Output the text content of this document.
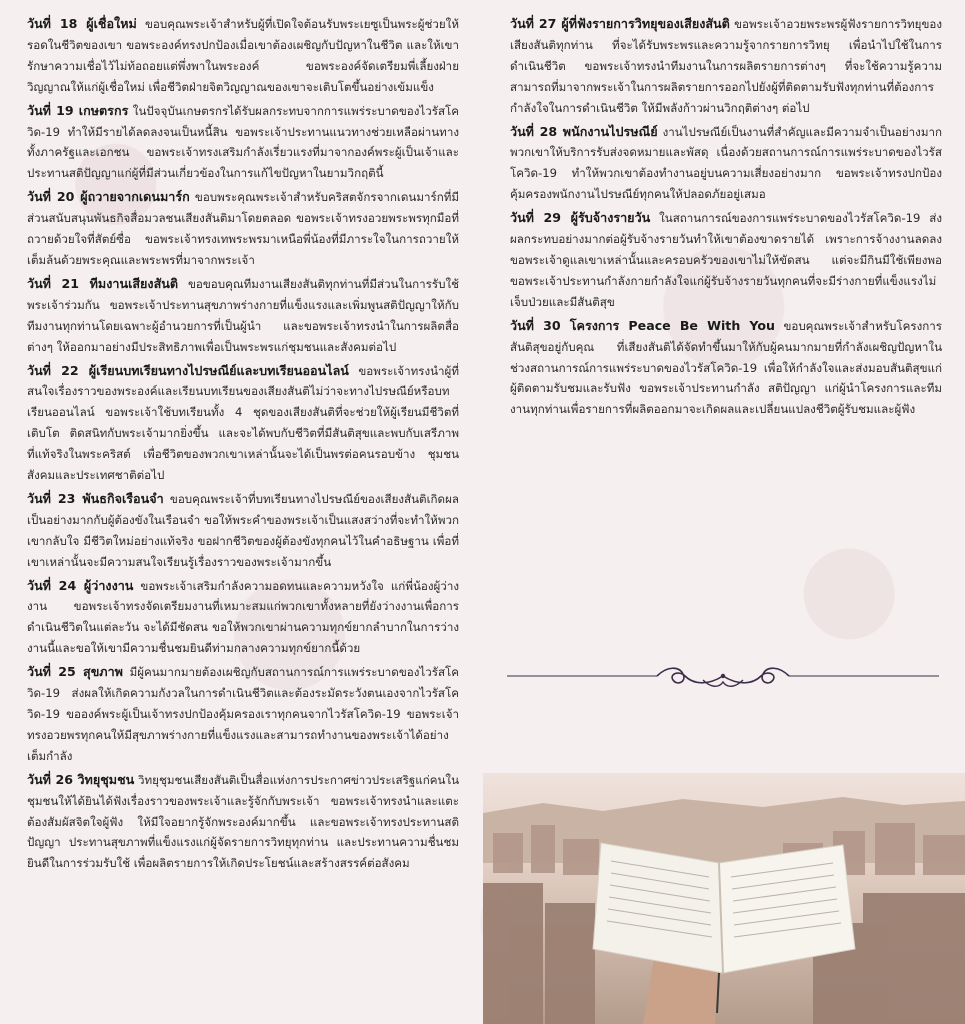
วันที่ 18 ผู้เชื่อใหม่ ขอบคุณพระเจ้าสำหรับผู้ที่เปิดใจต้อนรับพระเยซูเป็นพระผู้ช่วยให้รอดในชีวิตของเขา ขอพระองค์ทรงปกป้องเมื่อเขาต้องเผชิญกับปัญหาในชีวิต และให้เขารักษาความเชื่อไว้ไม่ท้อถอยแต่พึ่งพาในพระองค์ ขอพระองค์จัดเตรียมพี่เลี้ยงฝ่ายวิญญาณให้แก่ผู้เชื่อใหม่ เพื่อชีวิตฝ่ายจิตวิญญาณของเขาจะเติบโตขึ้นอย่างเข้มแข็ง

วันที่ 19 เกษตรกร ในปัจจุบันเกษตรกรได้รับผลกระทบจากการแพร่ระบาดของไวรัสโควิด-19 ทำให้มีรายได้ลดลงจนเป็นหนี้สิน ขอพระเจ้าประทานแนวทางช่วยเหลือผ่านทางทั้งภาครัฐและเอกชน ขอพระเจ้าทรงเสริมกำลังเรี่ยวแรงที่มาจากองค์พระผู้เป็นเจ้าและประทานสติปัญญาแก่ผู้ที่มีส่วนเกี่ยวข้องในการแก้ไขปัญหาในยามวิกฤตินี้

วันที่ 20 ผู้ถวายจากเดนมาร์ก ขอบพระคุณพระเจ้าสำหรับคริสตจักรจากเดนมาร์กที่มีส่วนสนับสนุนพันธกิจสื่อมวลชนเสียงสันติมาโดยตลอด ขอพระเจ้าทรงอวยพระพรทุกมือที่ถวายด้วยใจที่สัตย์ซื่อ ขอพระเจ้าทรงเทพระพรมาเหนือพี่น้องที่มีภาระใจในการถวายให้เต็มล้นด้วยพระคุณและพระพรที่มาจากพระเจ้า

วันที่ 21 ทีมงานเสียงสันติ ขอขอบคุณทีมงานเสียงสันติทุกท่านที่มีส่วนในการรับใช้พระเจ้าร่วมกัน ขอพระเจ้าประทานสุขภาพร่างกายที่แข็งแรงและเพิ่มพูนสติปัญญาให้กับทีมงานทุกท่านโดยเฉพาะผู้อำนวยการที่เป็นผู้นำ และขอพระเจ้าทรงนำในการผลิตสื่อต่างๆ ให้ออกมาอย่างมีประสิทธิภาพเพื่อเป็นพระพรแก่ชุมชนและสังคมต่อไป

วันที่ 22 ผู้เรียนบทเรียนทางไปรษณีย์และบทเรียนออนไลน์ ขอพระเจ้าทรงนำผู้ที่สนใจเรื่องราวของพระองค์และเรียนบทเรียนของเสียงสันติไม่ว่าจะทางไปรษณีย์หรือบทเรียนออนไลน์ ขอพระเจ้าใช้บทเรียนทั้ง 4 ชุดของเสียงสันติที่จะช่วยให้ผู้เรียนมีชีวิตที่เติบโต ติดสนิทกับพระเจ้ามากยิ่งขึ้น และจะได้พบกับชีวิตที่มีสันติสุขและพบกับเสรีภาพที่แท้จริงในพระคริสต์ เพื่อชีวิตของพวกเขาเหล่านั้นจะได้เป็นพรต่อคนรอบข้าง ชุมชน สังคมและประเทศชาติต่อไป

วันที่ 23 พันธกิจเรือนจำ ขอบคุณพระเจ้าที่บทเรียนทางไปรษณีย์ของเสียงสันติเกิดผลเป็นอย่างมากกับผู้ต้องขังในเรือนจำ ขอให้พระคำของพระเจ้าเป็นแสงสว่างที่จะทำให้พวกเขากลับใจ มีชีวิตใหม่อย่างแท้จริง ขอฝากชีวิตของผู้ต้องขังทุกคนไว้ในคำอธิษฐาน เพื่อที่เขาเหล่านั้นจะมีความสนใจเรียนรู้เรื่องราวของพระเจ้ามากขึ้น

วันที่ 24 ผู้ว่างงาน ขอพระเจ้าเสริมกำลังความอดทนและความหวังใจ แก่พี่น้องผู้ว่างงาน ขอพระเจ้าทรงจัดเตรียมงานที่เหมาะสมแก่พวกเขาทั้งหลายที่ยังว่างงานเพื่อการดำเนินชีวิตในแต่ละวัน จะได้มีชัดสน ขอให้พวกเขาผ่านความทุกข์ยากลำบากในการว่างงานนี้และขอให้เขามีความชื่นชมยินดีท่ามกลางความทุกข์ยากนี้ด้วย

วันที่ 25 สุขภาพ มีผู้คนมากมายต้องเผชิญกับสถานการณ์การแพร่ระบาดของไวรัสโควิด-19 ส่งผลให้เกิดความกังวลในการดำเนินชีวิตและต้องระมัดระวังตนเองจากไวรัสโควิด-19 ขอองค์พระผู้เป็นเจ้าทรงปกป้องคุ้มครองเราทุกคนจากไวรัสโควิด-19 ขอพระเจ้าทรงอวยพรทุกคนให้มีสุขภาพร่างกายที่แข็งแรงและสามารถทำงานของพระเจ้าได้อย่างเต็มกำลัง

วันที่ 26 วิทยุชุมชน วิทยุชุมชนเสียงสันติเป็นสื่อแห่งการประกาศข่าวประเสริฐแก่คนในชุมชนให้ได้ยินได้ฟังเรื่องราวของพระเจ้าและรู้จักกับพระเจ้า ขอพระเจ้าทรงนำและแตะต้องสัมผัสจิตใจผู้ฟัง ให้มีใจอยากรู้จักพระองค์มากขึ้น และขอพระเจ้าทรงประทานสติปัญญา ประทานสุขภาพที่แข็งแรงแก่ผู้จัดรายการวิทยุทุกท่าน และประทานความชื่นชมยินดีในการร่วมรับใช้ เพื่อผลิตรายการให้เกิดประโยชน์และสร้างสรรค์ต่อสังคม

วันที่ 27 ผู้ที่ฟังรายการวิทยุของเสียงสันติ ขอพระเจ้าอวยพระพรผู้ฟังรายการวิทยุของเสียงสันติทุกท่าน ที่จะได้รับพระพรและความรู้จากรายการวิทยุ เพื่อนำไปใช้ในการดำเนินชีวิต ขอพระเจ้าทรงนำทีมงานในการผลิตรายการต่างๆ ที่จะใช้ความรู้ความสามารถที่มาจากพระเจ้าในการผลิตรายการออกไปยังผู้ที่ติดตามรับฟังทุกท่านที่ต้องการกำลังใจในการดำเนินชีวิต ให้มีพลังก้าวผ่านวิกฤติต่างๆ ต่อไป

วันที่ 28 พนักงานไปรษณีย์ งานไปรษณีย์เป็นงานที่สำคัญและมีความจำเป็นอย่างมาก พวกเขาให้บริการรับส่งจดหมายและพัสดุ เนื่องด้วยสถานการณ์การแพร่ระบาดของไวรัสโควิด-19 ทำให้พวกเขาต้องทำงานอยู่บนความเสี่ยงอย่างมาก ขอพระเจ้าทรงปกป้องคุ้มครองพนักงานไปรษณีย์ทุกคนให้ปลอดภัยอยู่เสมอ

วันที่ 29 ผู้รับจ้างรายวัน ในสถานการณ์ของการแพร่ระบาดของไวรัสโควิด-19 ส่งผลกระทบอย่างมากต่อผู้รับจ้างรายวันทำให้เขาต้องขาดรายได้ เพราะการจ้างงานลดลง ขอพระเจ้าดูแลเขาเหล่านั้นและครอบครัวของเขาไม่ให้ขัดสน แต่จะมีกินมีใช้เพียงพอ ขอพระเจ้าประทานกำลังกายกำลังใจแก่ผู้รับจ้างรายวันทุกคนที่จะมีร่างกายที่แข็งแรงไม่เจ็บป่วยและมีสันติสุข

วันที่ 30 โครงการ Peace Be With You ขอบคุณพระเจ้าสำหรับโครงการสันติสุขอยู่กับคุณ ที่เสียงสันติได้จัดทำขึ้นมาให้กับผู้คนมากมายที่กำลังเผชิญปัญหาในช่วงสถานการณ์การแพร่ระบาดของไวรัสโควิด-19 เพื่อให้กำลังใจและส่งมอบสันติสุขแก่ผู้ติดตามรับชมและรับฟัง ขอพระเจ้าประทานกำลัง สติปัญญา แก่ผู้นำโครงการและทีมงานทุกท่านเพื่อรายการที่ผลิตออกมาจะเกิดผลและเปลี่ยนแปลงชีวิตผู้รับชมและผู้ฟัง
